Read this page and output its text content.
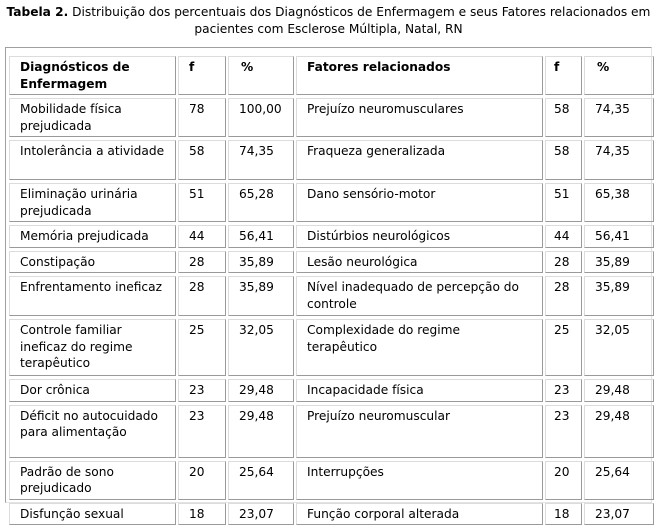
Tabela 2. Distribuição dos percentuais dos Diagnósticos de Enfermagem e seus Fatores relacionados em pacientes com Esclerose Múltipla, Natal, RN
Diagnósticos de Enfermagem	f	%	Fatores relacionados	f	%
Mobilidade física prejudicada	78	100,00	Prejuízo neuromusculares	58	74,35
Intolerância a atividade	58	74,35	Fraqueza generalizada	58	74,35
Eliminação urinária prejudicada	51	65,28	Dano sensório-motor	51	65,38
Memória prejudicada	44	56,41	Distúrbios neurológicos	44	56,41
Constipação	28	35,89	Lesão neurológica	28	35,89
Enfrentamento ineficaz	28	35,89	Nível inadequado de percepção do controle	28	35,89
Controle familiar ineficaz do regime terapêutico	25	32,05	Complexidade do regime terapêutico	25	32,05
Dor crônica	23	29,48	Incapacidade física	23	29,48
Déficit no autocuidado para alimentação	23	29,48	Prejuízo neuromuscular	23	29,48
Padrão de sono prejudicado	20	25,64	Interrupções	20	25,64
Disfunção sexual	18	23,07	Função corporal alterada	18	23,07
